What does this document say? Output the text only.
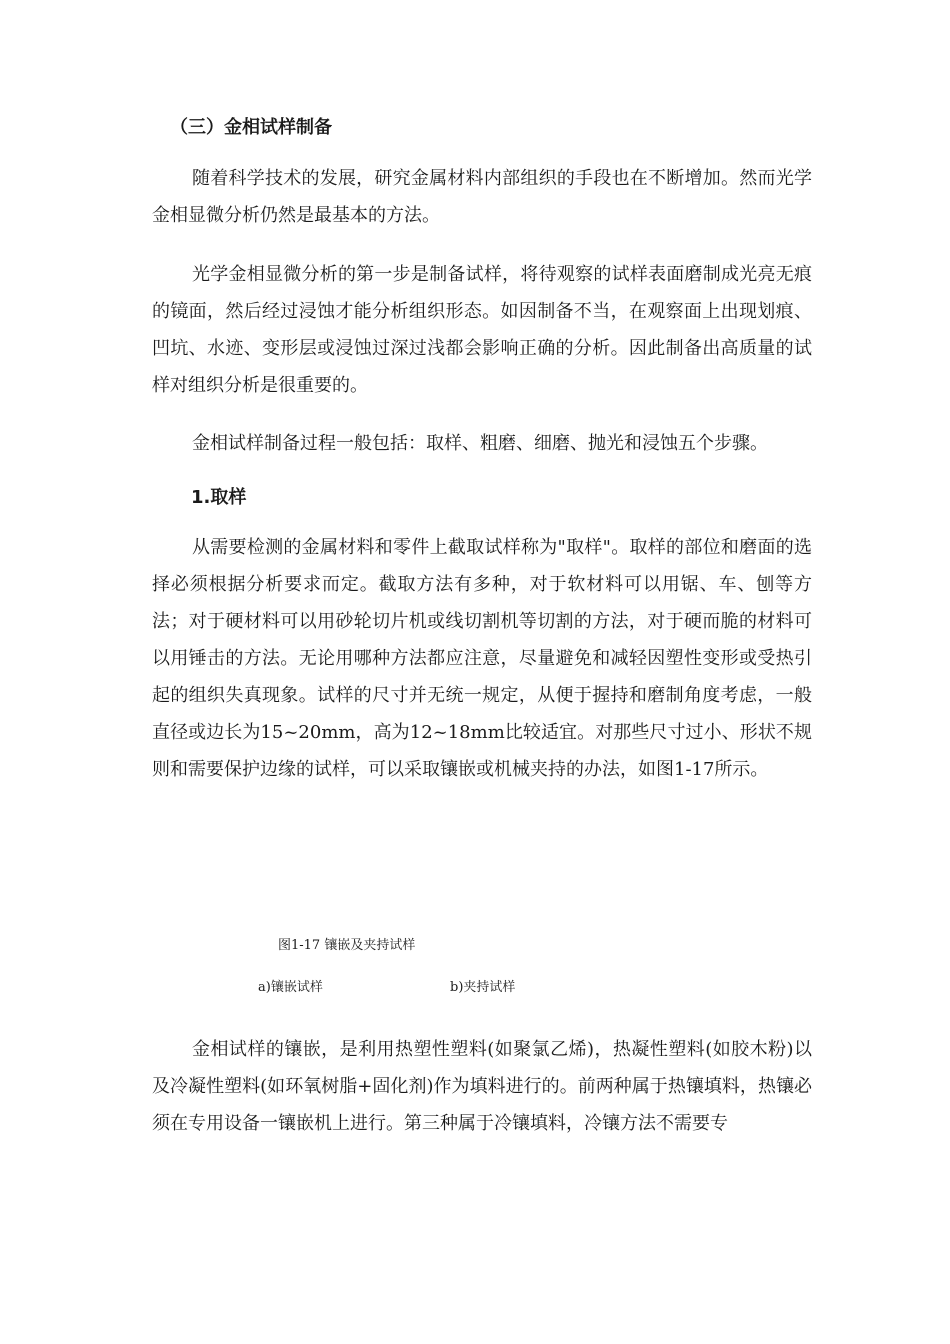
（三）金相试样制备

随着科学技术的发展，研究金属材料内部组织的手段也在不断增加。然而光学金相显微分析仍然是最基本的方法。

光学金相显微分析的第一步是制备试样，将待观察的试样表面磨制成光亮无痕的镜面，然后经过浸蚀才能分析组织形态。如因制备不当，在观察面上出现划痕、凹坑、水迹、变形层或浸蚀过深过浅都会影响正确的分析。因此制备出高质量的试样对组织分析是很重要的。

金相试样制备过程一般包括：取样、粗磨、细磨、抛光和浸蚀五个步骤。

1.取样

从需要检测的金属材料和零件上截取试样称为"取样"。取样的部位和磨面的选择必须根据分析要求而定。截取方法有多种，对于软材料可以用锯、车、刨等方法；对于硬材料可以用砂轮切片机或线切割机等切割的方法，对于硬而脆的材料可以用锤击的方法。无论用哪种方法都应注意，尽量避免和减轻因塑性变形或受热引起的组织失真现象。试样的尺寸并无统一规定，从便于握持和磨制角度考虑，一般直径或边长为15~20mm，高为12~18mm比较适宜。对那些尺寸过小、形状不规则和需要保护边缘的试样，可以采取镶嵌或机械夹持的办法，如图1-17所示。

图1-17 镶嵌及夹持试样
a)镶嵌试样	b)夹持试样

金相试样的镶嵌，是利用热塑性塑料(如聚氯乙烯)，热凝性塑料(如胶木粉)以及冷凝性塑料(如环氧树脂+固化剂)作为填料进行的。前两种属于热镶填料，热镶必须在专用设备一镶嵌机上进行。第三种属于冷镶填料，冷镶方法不需要专
